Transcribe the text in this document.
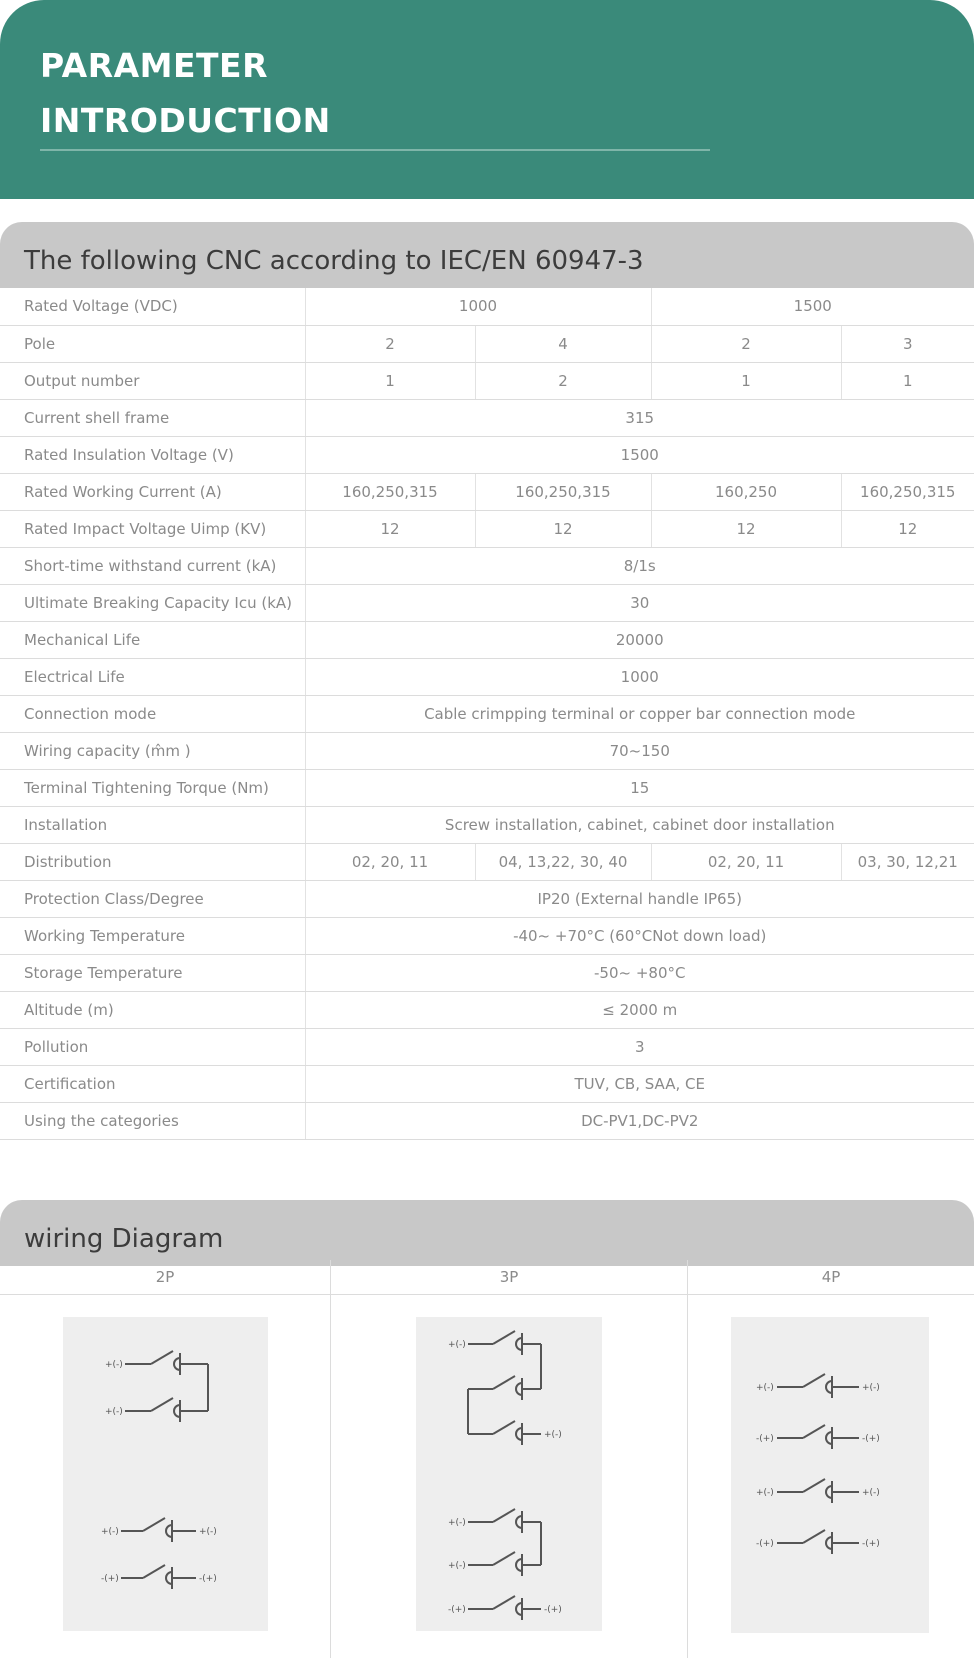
PARAMETER
INTRODUCTION
The following CNC according to IEC/EN 60947-3
Rated Voltage (VDC)	1000		1500	
Pole	2	4	2	3
Output number	1	2	1	1
Current shell frame	315			
Rated Insulation Voltage (V)	1500			
Rated Working Current (A)	160,250,315	160,250,315	160,250	160,250,315
Rated Impact Voltage Uimp (KV)	12	12	12	12
Short-time withstand current (kA)	8/1s			
Ultimate Breaking Capacity Icu (kA)	30			
Mechanical Life	20000			
Electrical Life	1000			
Connection mode	Cable crimpping terminal or copper bar connection mode			
Wiring capacity (m̂m )	70~150			
Terminal Tightening Torque (Nm)	15			
Installation	Screw installation, cabinet, cabinet door installation			
Distribution	02, 20, 11	04, 13,22, 30, 40	02, 20, 11	03, 30, 12,21
Protection Class/Degree	IP20 (External handle IP65)			
Working Temperature	-40~ +70°C (60°CNot down load)			
Storage Temperature	-50~ +80°C			
Altitude (m)	≤ 2000 m			
Pollution	3			
Certification	TUV, CB, SAA, CE			
Using the categories	DC-PV1,DC-PV2			
wiring Diagram
2P
+(-)
+(-)
+(-)	+(-)
-(+)	-(+)
3P
+(-)
+(-)
+(-)
+(-)
-(+)	-(+)
4P
+(-)	+(-)
-(+)	-(+)
+(-)	+(-)
-(+)	-(+)
